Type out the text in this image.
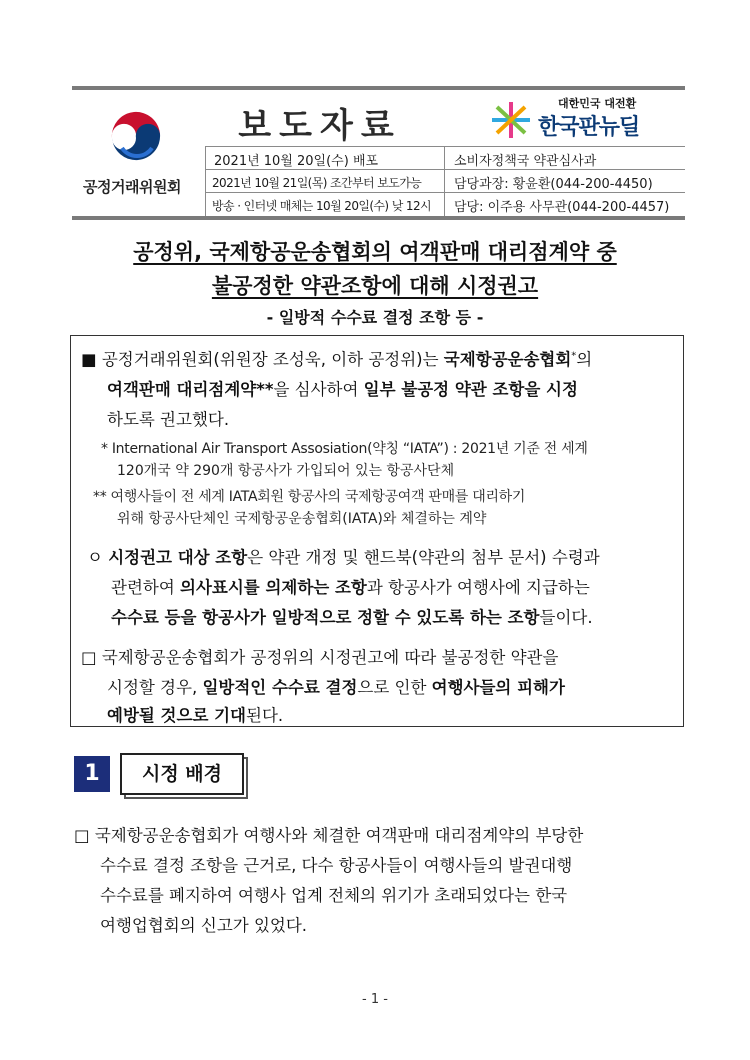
공정거래위원회
보도자료
2021년 10월 20일(수) 배포
2021년 10월 21일(목) 조간부터 보도가능
방송 · 인터넷 매체는 10월 20일(수) 낮 12시
소비자정책국 약관심사과
담당과장: 황윤환(044-200-4450)
담당: 이주용 사무관(044-200-4457)
대한민국 대전환
한국판뉴딜
공정위, 국제항공운송협회의 여객판매 대리점계약 중
불공정한 약관조항에 대해 시정권고
- 일방적 수수료 결정 조항 등 -
■ 공정거래위원회(위원장 조성욱, 이하 공정위)는 국제항공운송협회*의
여객판매 대리점계약**을 심사하여 일부 불공정 약관 조항을 시정
하도록 권고했다.
* International Air Transport Assosiation(약칭 “IATA”) : 2021년 기준 전 세계
120개국 약 290개 항공사가 가입되어 있는 항공사단체
** 여행사들이 전 세계 IATA회원 항공사의 국제항공여객 판매를 대리하기
위해 항공사단체인 국제항공운송협회(IATA)와 체결하는 계약
ㅇ 시정권고 대상 조항은 약관 개정 및 핸드북(약관의 첨부 문서) 수령과
관련하여 의사표시를 의제하는 조항과 항공사가 여행사에 지급하는
수수료 등을 항공사가 일방적으로 정할 수 있도록 하는 조항들이다.
□ 국제항공운송협회가 공정위의 시정권고에 따라 불공정한 약관을
시정할 경우, 일방적인 수수료 결정으로 인한 여행사들의 피해가
예방될 것으로 기대된다.
1	시정 배경
□ 국제항공운송협회가 여행사와 체결한 여객판매 대리점계약의 부당한
수수료 결정 조항을 근거로, 다수 항공사들이 여행사들의 발권대행
수수료를 폐지하여 여행사 업계 전체의 위기가 초래되었다는 한국
여행업협회의 신고가 있었다.
- 1 -
